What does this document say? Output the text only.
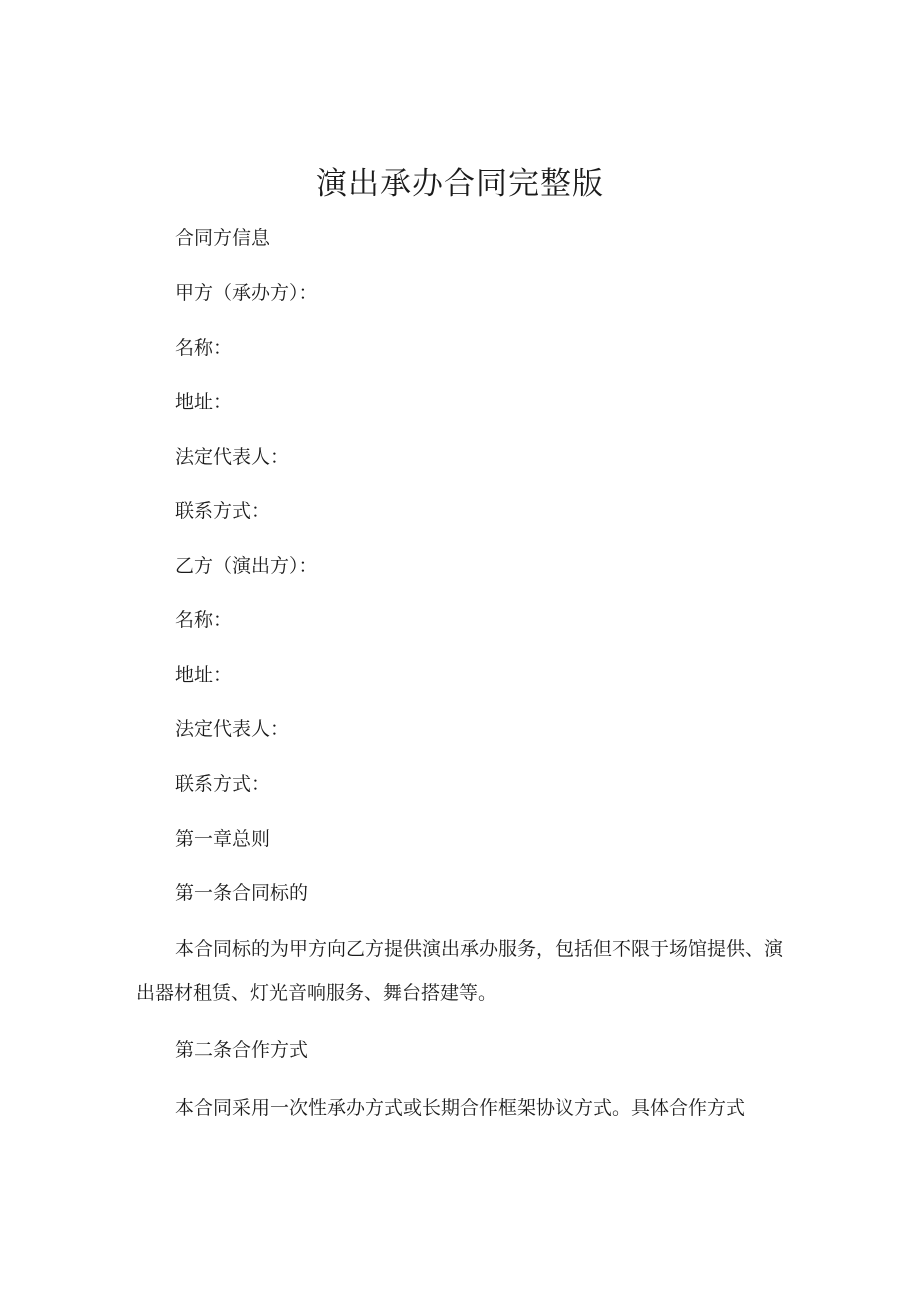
演出承办合同完整版
合同方信息
甲方（承办方）：
名称：
地址：
法定代表人：
联系方式：
乙方（演出方）：
名称：
地址：
法定代表人：
联系方式：
第一章总则
第一条合同标的

本合同标的为甲方向乙方提供演出承办服务，包括但不限于场馆提供、演出器材租赁、灯光音响服务、舞台搭建等。

第二条合作方式

本合同采用一次性承办方式或长期合作框架协议方式。具体合作方式
